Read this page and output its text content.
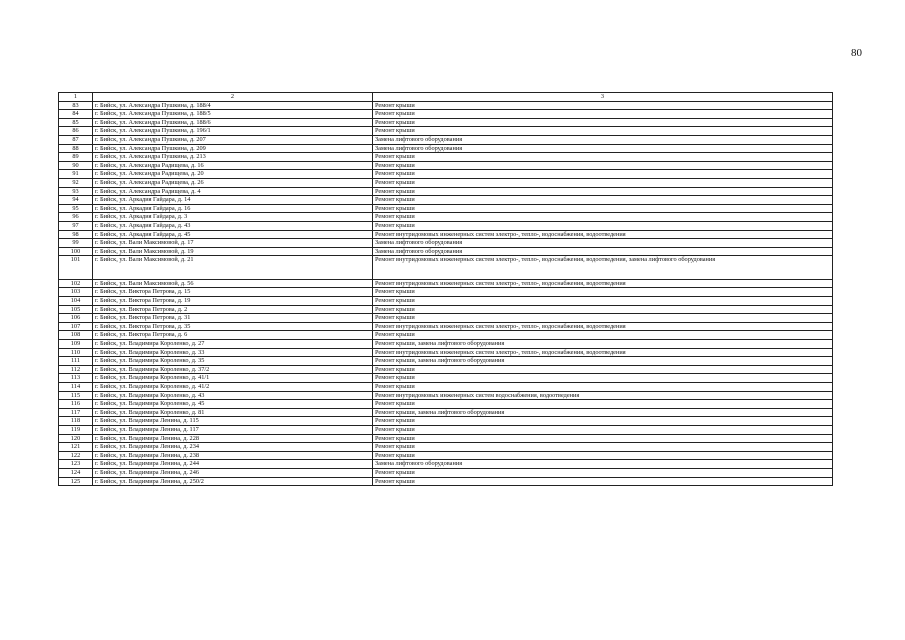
80
1	2	3
83	г. Бийск, ул. Александра Пушкина, д. 188/4	Ремонт крыши
84	г. Бийск, ул. Александра Пушкина, д. 188/5	Ремонт крыши
85	г. Бийск, ул. Александра Пушкина, д. 188/6	Ремонт крыши
86	г. Бийск, ул. Александра Пушкина, д. 196/1	Ремонт крыши
87	г. Бийск, ул. Александра Пушкина, д. 207	Замена лифтового оборудования
88	г. Бийск, ул. Александра Пушкина, д. 209	Замена лифтового оборудования
89	г. Бийск, ул. Александра Пушкина, д. 213	Ремонт крыши
90	г. Бийск, ул. Александра Радищева, д. 16	Ремонт крыши
91	г. Бийск, ул. Александра Радищева, д. 20	Ремонт крыши
92	г. Бийск, ул. Александра Радищева, д. 26	Ремонт крыши
93	г. Бийск, ул. Александра Радищева, д. 4	Ремонт крыши
94	г. Бийск, ул. Аркадия Гайдара, д. 14	Ремонт крыши
95	г. Бийск, ул. Аркадия Гайдара, д. 16	Ремонт крыши
96	г. Бийск, ул. Аркадия Гайдара, д. 3	Ремонт крыши
97	г. Бийск, ул. Аркадия Гайдара, д. 43	Ремонт крыши
98	г. Бийск, ул. Аркадия Гайдара, д. 45	Ремонт внутридомовых инженерных систем электро-, тепло-, водоснабжения, водоотведения
99	г. Бийск, ул. Вали Максимовой, д. 17	Замена лифтового оборудования
100	г. Бийск, ул. Вали Максимовой, д. 19	Замена лифтового оборудования
101	г. Бийск, ул. Вали Максимовой, д. 21	Ремонт внутридомовых инженерных систем электро-, тепло-, водоснабжения, водоотведения, замена лифтового оборудования
102	г. Бийск, ул. Вали Максимовой, д. 56	Ремонт внутридомовых инженерных систем электро-, тепло-, водоснабжения, водоотведения
103	г. Бийск, ул. Виктора Петрова, д. 15	Ремонт крыши
104	г. Бийск, ул. Виктора Петрова, д. 19	Ремонт крыши
105	г. Бийск, ул. Виктора Петрова, д. 2	Ремонт крыши
106	г. Бийск, ул. Виктора Петрова, д. 31	Ремонт крыши
107	г. Бийск, ул. Виктора Петрова, д. 35	Ремонт внутридомовых инженерных систем электро-, тепло-, водоснабжения, водоотведения
108	г. Бийск, ул. Виктора Петрова, д. 6	Ремонт крыши
109	г. Бийск, ул. Владимира Короленко, д. 27	Ремонт крыши, замена лифтового оборудования
110	г. Бийск, ул. Владимира Короленко, д. 33	Ремонт внутридомовых инженерных систем электро-, тепло-, водоснабжения, водоотведения
111	г. Бийск, ул. Владимира Короленко, д. 35	Ремонт крыши, замена лифтового оборудования
112	г. Бийск, ул. Владимира Короленко, д. 37/2	Ремонт крыши
113	г. Бийск, ул. Владимира Короленко, д. 41/1	Ремонт крыши
114	г. Бийск, ул. Владимира Короленко, д. 41/2	Ремонт крыши
115	г. Бийск, ул. Владимира Короленко, д. 43	Ремонт внутридомовых инженерных систем водоснабжения, водоотведения
116	г. Бийск, ул. Владимира Короленко, д. 45	Ремонт крыши
117	г. Бийск, ул. Владимира Короленко, д. 81	Ремонт крыши, замена лифтового оборудования
118	г. Бийск, ул. Владимира Ленина, д. 115	Ремонт крыши
119	г. Бийск, ул. Владимира Ленина, д. 117	Ремонт крыши
120	г. Бийск, ул. Владимира Ленина, д. 228	Ремонт крыши
121	г. Бийск, ул. Владимира Ленина, д. 234	Ремонт крыши
122	г. Бийск, ул. Владимира Ленина, д. 238	Ремонт крыши
123	г. Бийск, ул. Владимира Ленина, д. 244	Замена лифтового оборудования
124	г. Бийск, ул. Владимира Ленина, д. 246	Ремонт крыши
125	г. Бийск, ул. Владимира Ленина, д. 250/2	Ремонт крыши
